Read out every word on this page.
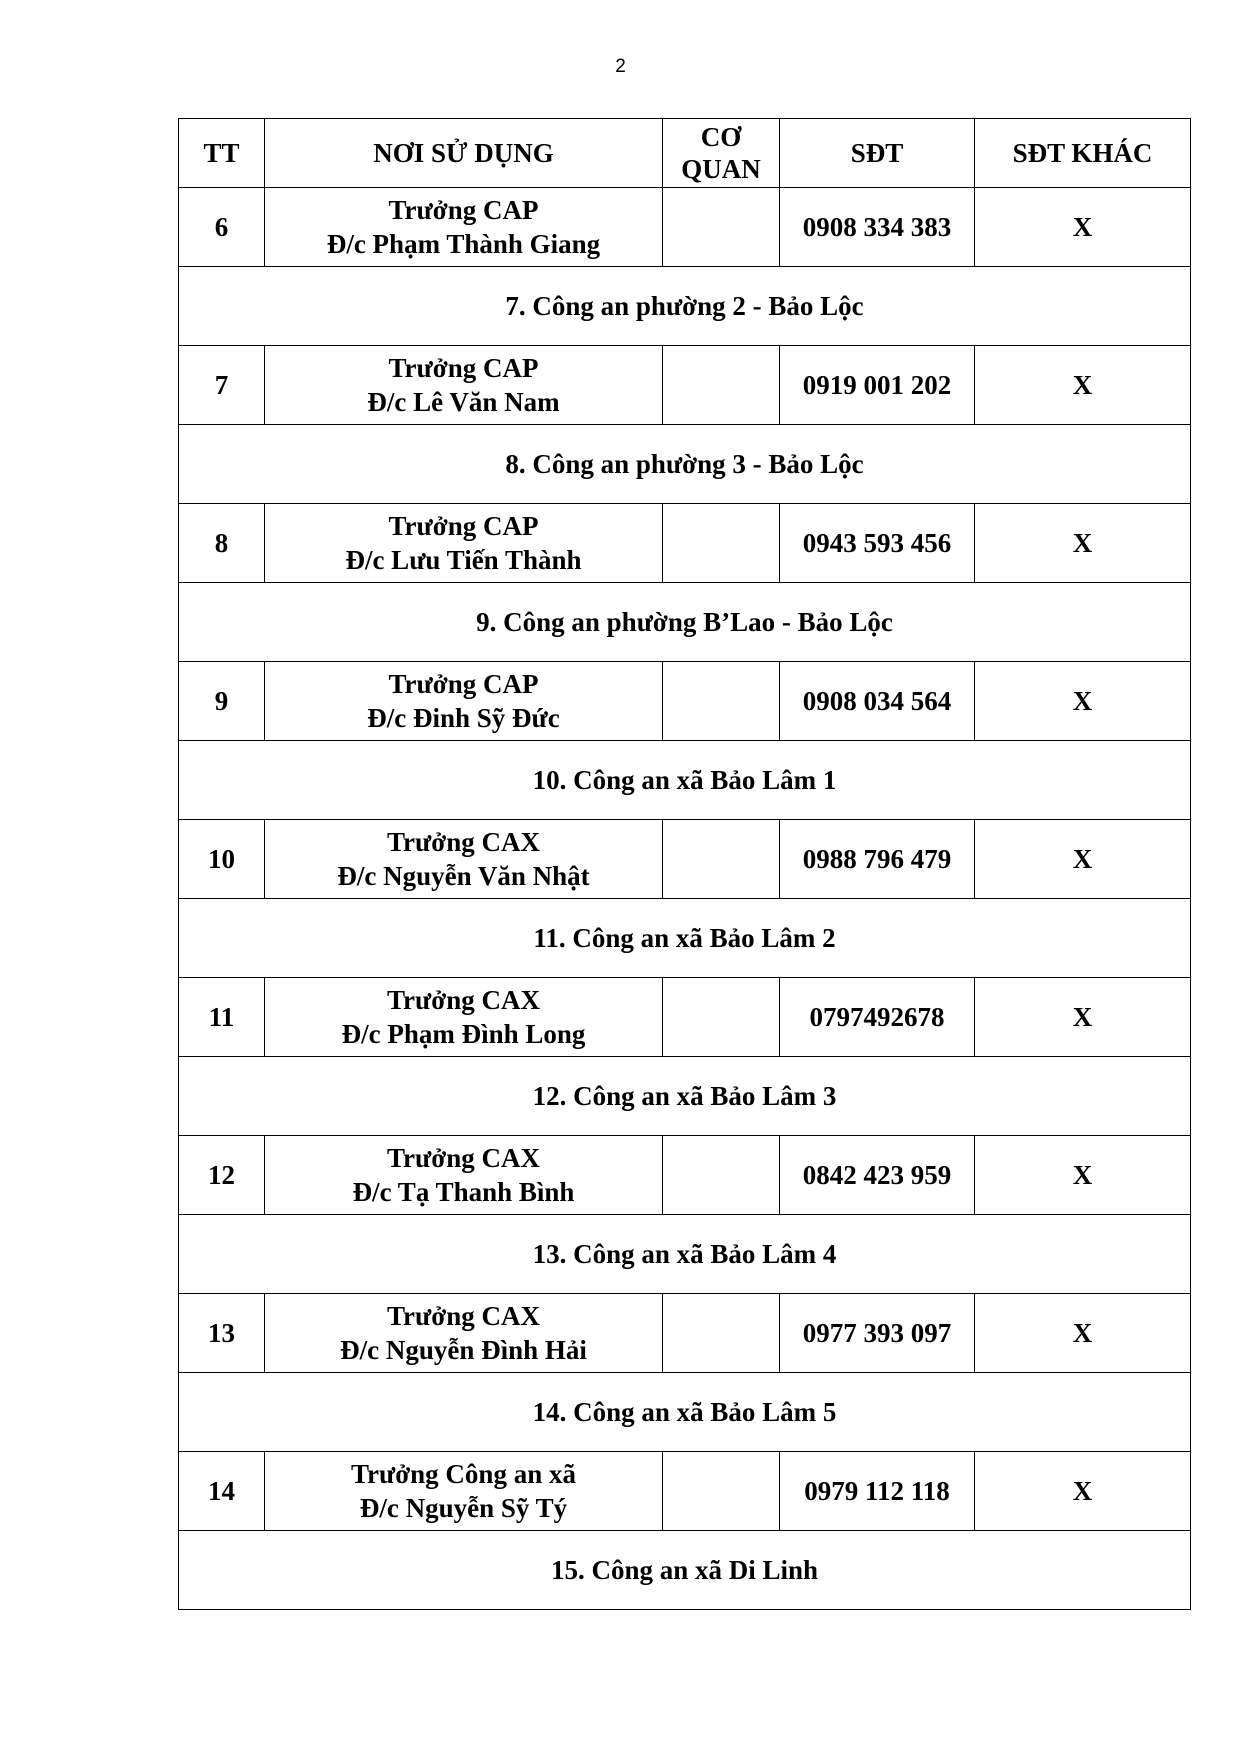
2
TT	NƠI SỬ DỤNG	CƠ
QUAN	SĐT	SĐT KHÁC
6	Trưởng CAP
Đ/c Phạm Thành Giang		0908 334 383	X
7. Công an phường 2 - Bảo Lộc				
7	Trưởng CAP
Đ/c Lê Văn Nam		0919 001 202	X
8. Công an phường 3 - Bảo Lộc				
8	Trưởng CAP
Đ/c Lưu Tiến Thành		0943 593 456	X
9. Công an phường B’Lao - Bảo Lộc				
9	Trưởng CAP
Đ/c Đinh Sỹ Đức		0908 034 564	X
10. Công an xã Bảo Lâm 1				
10	Trưởng CAX
Đ/c Nguyễn Văn Nhật		0988 796 479	X
11. Công an xã Bảo Lâm 2				
11	Trưởng CAX
Đ/c Phạm Đình Long		0797492678	X
12. Công an xã Bảo Lâm 3				
12	Trưởng CAX
Đ/c Tạ Thanh Bình		0842 423 959	X
13. Công an xã Bảo Lâm 4				
13	Trưởng CAX
Đ/c Nguyễn Đình Hải		0977 393 097	X
14. Công an xã Bảo Lâm 5				
14	Trưởng Công an xã
Đ/c Nguyễn Sỹ Tý		0979 112 118	X
15. Công an xã Di Linh				
